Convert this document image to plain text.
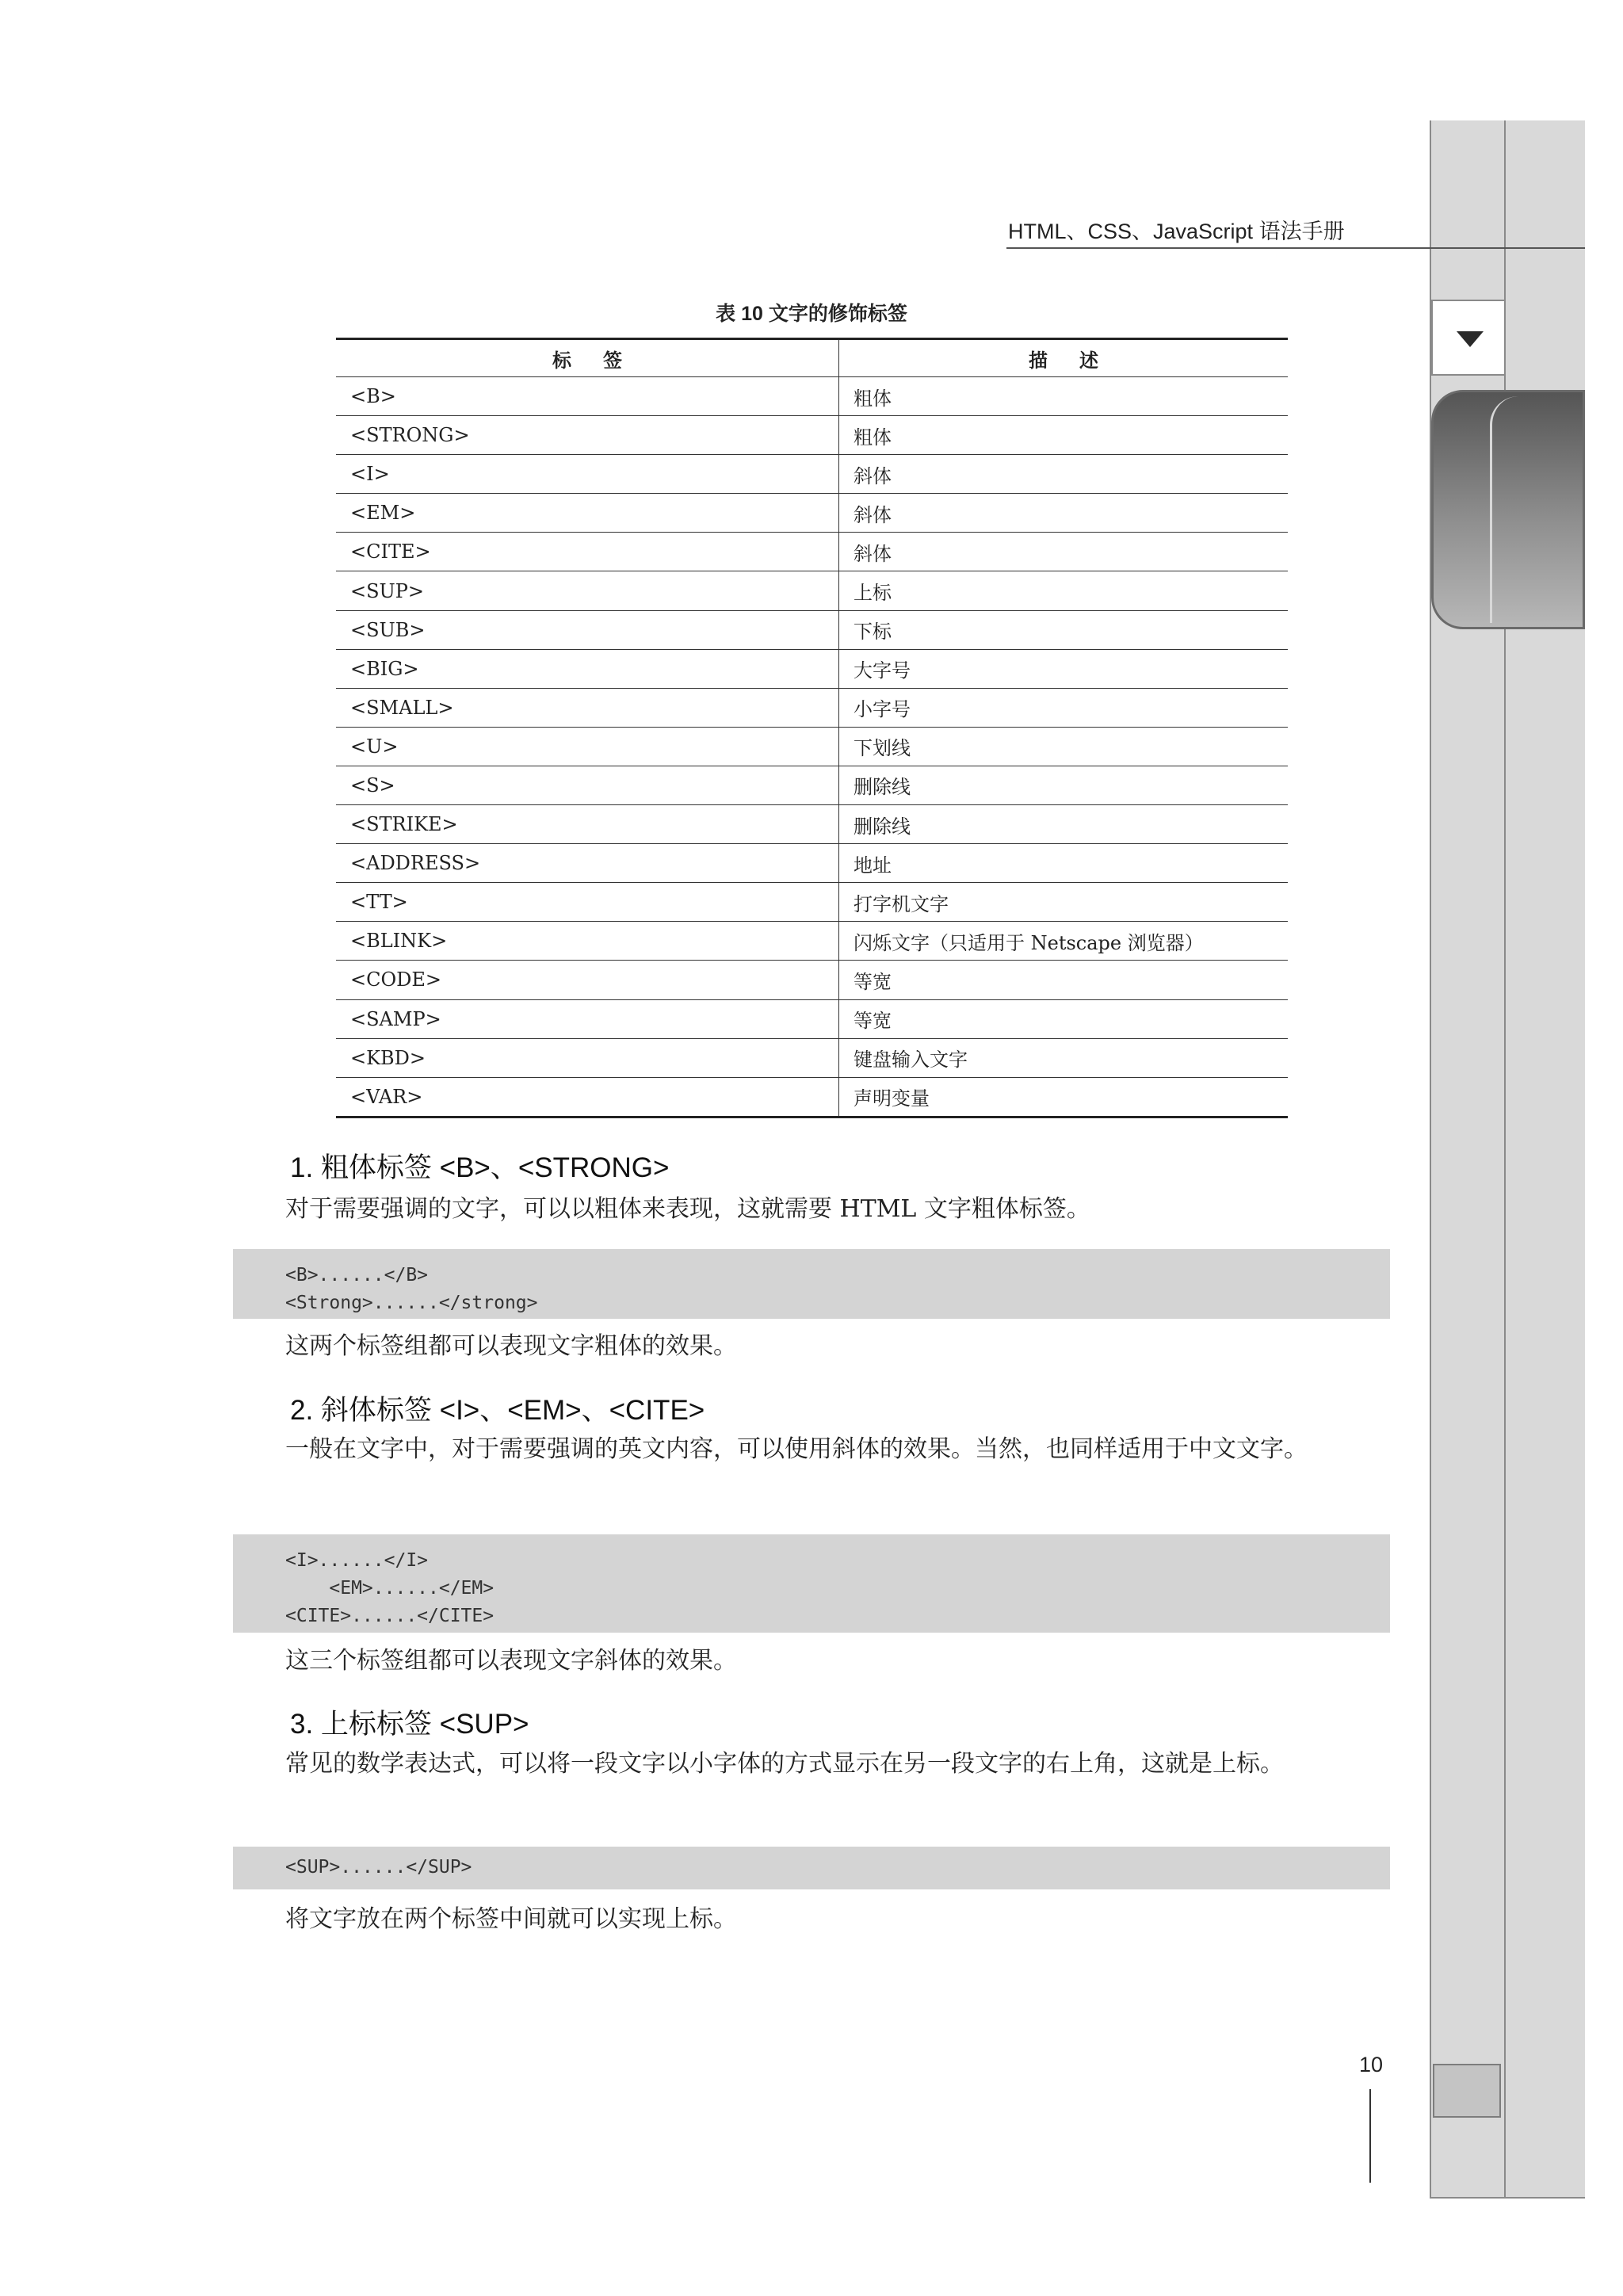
HTML、CSS、JavaScript 语法手册
表 10 文字的修饰标签
标签	描述
<B>	粗体
<STRONG>	粗体
<I>	斜体
<EM>	斜体
<CITE>	斜体
<SUP>	上标
<SUB>	下标
<BIG>	大字号
<SMALL>	小字号
<U>	下划线
<S>	删除线
<STRIKE>	删除线
<ADDRESS>	地址
<TT>	打字机文字
<BLINK>	闪烁文字（只适用于 Netscape 浏览器）
<CODE>	等宽
<SAMP>	等宽
<KBD>	键盘输入文字
<VAR>	声明变量
1. 粗体标签 <B>、<STRONG>
对于需要强调的文字，可以以粗体来表现，这就需要 HTML 文字粗体标签。
<B>......</B>
<Strong>......</strong>
这两个标签组都可以表现文字粗体的效果。
2. 斜体标签 <I>、<EM>、<CITE>
一般在文字中，对于需要强调的英文内容，可以使用斜体的效果。当然，也同样适用于中文文字。
<I>......</I>
<EM>......</EM>
<CITE>......</CITE>
这三个标签组都可以表现文字斜体的效果。
3. 上标标签 <SUP>
常见的数学表达式，可以将一段文字以小字体的方式显示在另一段文字的右上角，这就是上标。
<SUP>......</SUP>
将文字放在两个标签中间就可以实现上标。
10
